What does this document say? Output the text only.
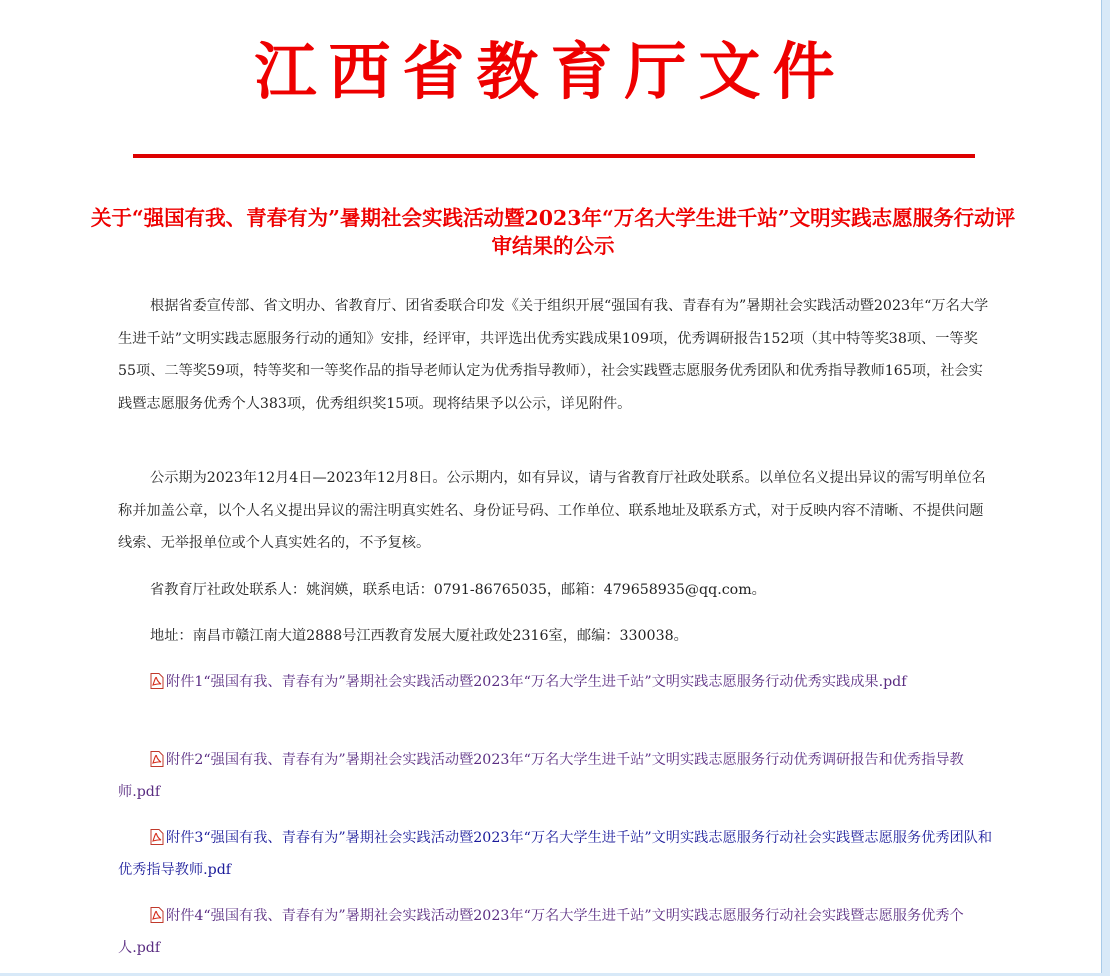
江西省教育厅文件
关于“强国有我、青春有为”暑期社会实践活动暨2023年“万名大学生进千站”文明实践志愿服务行动评审结果的公示

根据省委宣传部、省文明办、省教育厅、团省委联合印发《关于组织开展“强国有我、青春有为”暑期社会实践活动暨2023年“万名大学生进千站”文明实践志愿服务行动的通知》安排，经评审，共评选出优秀实践成果109项，优秀调研报告152项（其中特等奖38项、一等奖55项、二等奖59项，特等奖和一等奖作品的指导老师认定为优秀指导教师），社会实践暨志愿服务优秀团队和优秀指导教师165项，社会实践暨志愿服务优秀个人383项，优秀组织奖15项。现将结果予以公示，详见附件。

公示期为2023年12月4日—2023年12月8日。公示期内，如有异议，请与省教育厅社政处联系。以单位名义提出异议的需写明单位名称并加盖公章，以个人名义提出异议的需注明真实姓名、身份证号码、工作单位、联系地址及联系方式，对于反映内容不清晰、不提供问题线索、无举报单位或个人真实姓名的，不予复核。

省教育厅社政处联系人：姚润媖，联系电话：0791-86765035，邮箱：479658935@qq.com。

地址：南昌市赣江南大道2888号江西教育发展大厦社政处2316室，邮编：330038。

附件1“强国有我、青春有为”暑期社会实践活动暨2023年“万名大学生进千站”文明实践志愿服务行动优秀实践成果.pdf

附件2“强国有我、青春有为”暑期社会实践活动暨2023年“万名大学生进千站”文明实践志愿服务行动优秀调研报告和优秀指导教师.pdf

附件3“强国有我、青春有为”暑期社会实践活动暨2023年“万名大学生进千站”文明实践志愿服务行动社会实践暨志愿服务优秀团队和优秀指导教师.pdf

附件4“强国有我、青春有为”暑期社会实践活动暨2023年“万名大学生进千站”文明实践志愿服务行动社会实践暨志愿服务优秀个人.pdf
